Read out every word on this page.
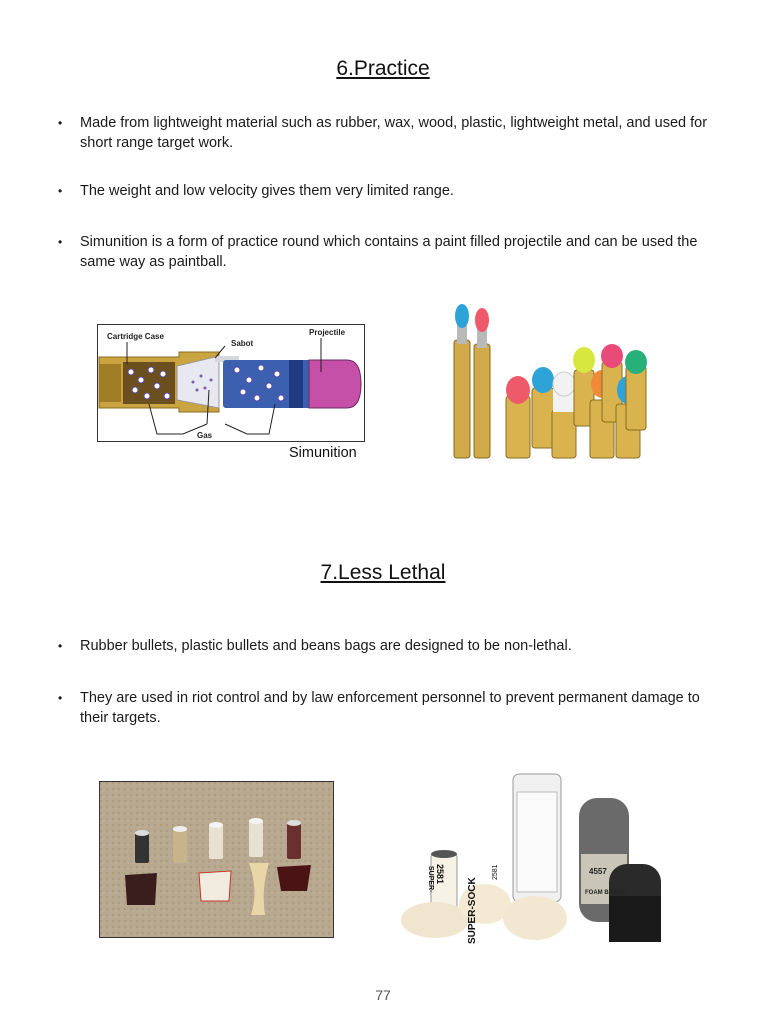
6.Practice
• Made from lightweight material such as rubber, wax, wood, plastic, lightweight metal, and used for short range target work.
• The weight and low velocity gives them very limited range.
• Simunition is a form of practice round which contains a paint filled projectile and can be used the same way as paintball.
Cartridge Case
Sabot
Projectile
Gas
Simunition
7.Less Lethal
• Rubber bullets, plastic bullets and beans bags are designed to be non-lethal.
• They are used in riot control and by law enforcement personnel to prevent permanent damage to their targets.
2581
SUPER-	SUPER-SOCK
2581	4557
FOAM BATON
77
